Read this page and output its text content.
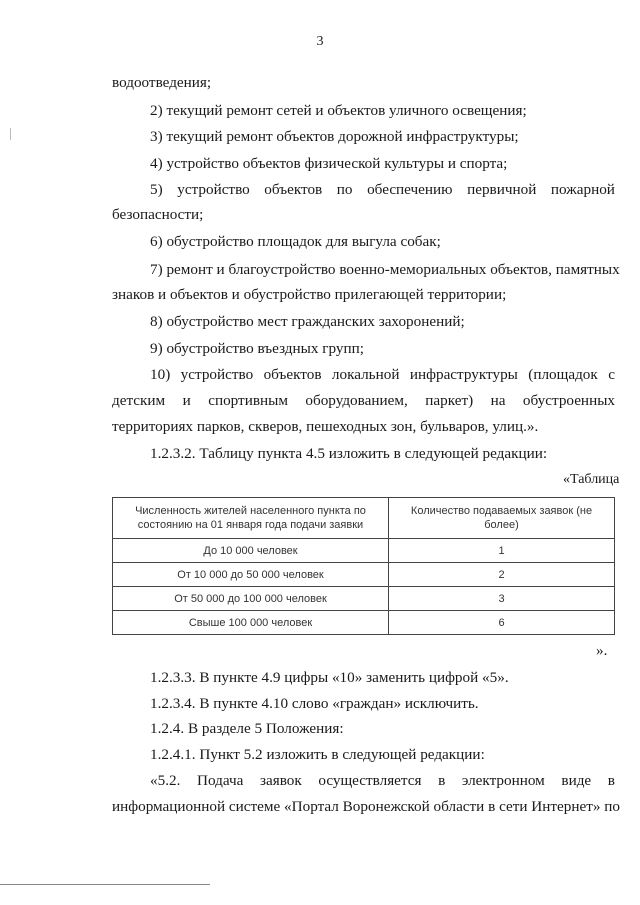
3
водоотведения;
2) текущий ремонт сетей и объектов уличного освещения;
3) текущий ремонт объектов дорожной инфраструктуры;
4) устройство объектов физической культуры и спорта;
5) устройство объектов по обеспечению первичной пожарной
безопасности;
6) обустройство площадок для выгула собак;
7) ремонт и благоустройство военно-мемориальных объектов, памятных
знаков и объектов и обустройство прилегающей территории;
8) обустройство мест гражданских захоронений;
9) обустройство въездных групп;
10) устройство объектов локальной инфраструктуры (площадок с
детским и спортивным оборудованием, паркет) на обустроенных
территориях парков, скверов, пешеходных зон, бульваров, улиц.».
1.2.3.2. Таблицу пункта 4.5 изложить в следующей редакции:
«Таблица
Численность жителей населенного пункта по состоянию на 01 января года подачи заявки	Количество подаваемых заявок (не более)
До 10 000 человек	1
От 10 000 до 50 000 человек	2
От 50 000 до 100 000 человек	3
Свыше 100 000 человек	6
».
1.2.3.3. В пункте 4.9 цифры «10» заменить цифрой «5».
1.2.3.4. В пункте 4.10 слово «граждан» исключить.
1.2.4. В разделе 5 Положения:
1.2.4.1. Пункт 5.2 изложить в следующей редакции:
«5.2. Подача заявок осуществляется в электронном виде в
информационной системе «Портал Воронежской области в сети Интернет» по
